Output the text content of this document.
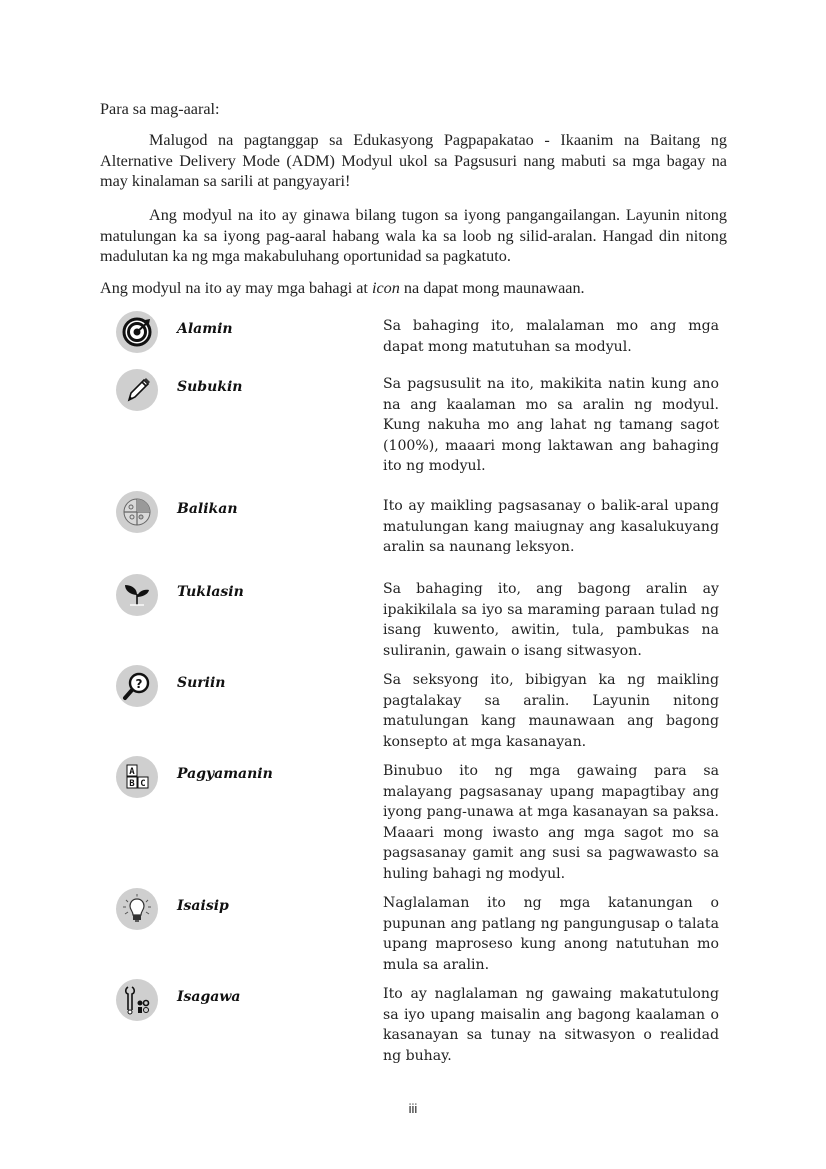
Para sa mag-aaral:
Malugod na pagtanggap sa Edukasyong Pagpapakatao - Ikaanim na Baitang ng Alternative Delivery Mode (ADM) Modyul ukol sa Pagsusuri nang mabuti sa mga bagay na may kinalaman sa sarili at pangyayari!
Ang modyul na ito ay ginawa bilang tugon sa iyong pangangailangan. Layunin nitong matulungan ka sa iyong pag-aaral habang wala ka sa loob ng silid-aralan. Hangad din nitong madulutan ka ng mga makabuluhang oportunidad sa pagkatuto.
Ang modyul na ito ay may mga bahagi at icon na dapat mong maunawaan.
Alamin	Sa bahaging ito, malalaman mo ang mga dapat mong matutuhan sa modyul.
Subukin	Sa pagsusulit na ito, makikita natin kung ano na ang kaalaman mo sa aralin ng modyul. Kung nakuha mo ang lahat ng tamang sagot (100%), maaari mong laktawan ang bahaging ito ng modyul.
Balikan	Ito ay maikling pagsasanay o balik-aral upang matulungan kang maiugnay ang kasalukuyang aralin sa naunang leksyon.
Tuklasin	Sa bahaging ito, ang bagong aralin ay ipakikilala sa iyo sa maraming paraan tulad ng isang kuwento, awitin, tula, pambukas na suliranin, gawain o isang sitwasyon.
? Suriin	Sa seksyong ito, bibigyan ka ng maikling pagtalakay sa aralin. Layunin nitong matulungan kang maunawaan ang bagong konsepto at mga kasanayan.
A
B C
Pagyamanin	Binubuo ito ng mga gawaing para sa malayang pagsasanay upang mapagtibay ang iyong pang-unawa at mga kasanayan sa paksa. Maaari mong iwasto ang mga sagot mo sa pagsasanay gamit ang susi sa pagwawasto sa huling bahagi ng modyul.
Isaisip	Naglalaman ito ng mga katanungan o pupunan ang patlang ng pangungusap o talata upang maproseso kung anong natutuhan mo mula sa aralin.
Isagawa	Ito ay naglalaman ng gawaing makatutulong sa iyo upang maisalin ang bagong kaalaman o kasanayan sa tunay na sitwasyon o realidad ng buhay.
iii
